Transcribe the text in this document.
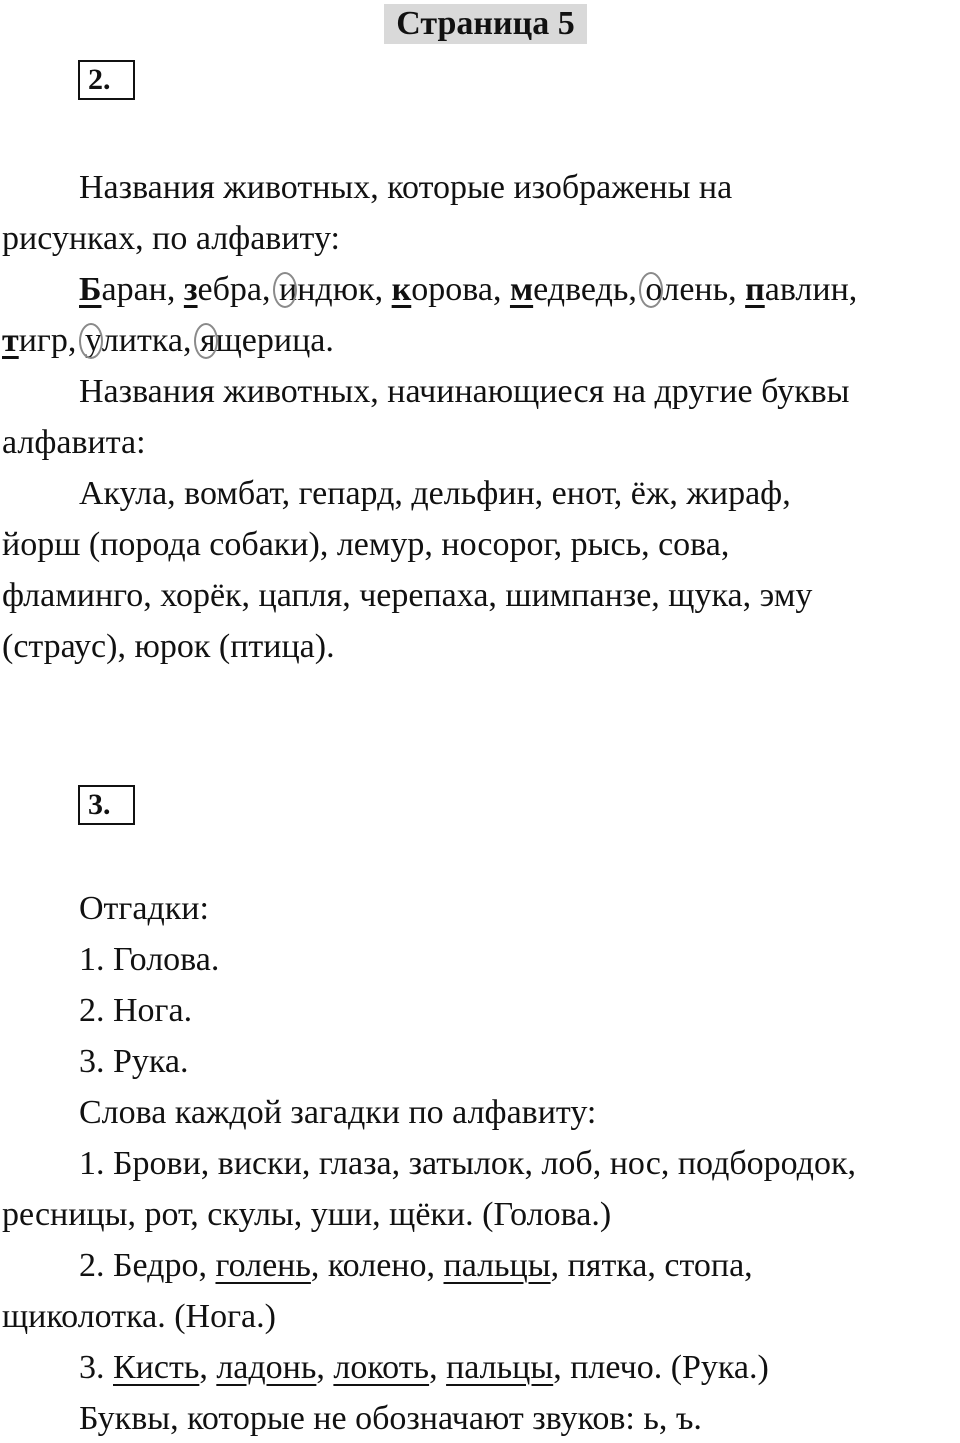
Страница 5
2.
Названия животных, которые изображены на
рисунках, по алфавиту:
Баран, зебра, индюк, корова, медведь, олень, павлин,
тигр, улитка, ящерица.
Названия животных, начинающиеся на другие буквы
алфавита:
Акула, вомбат, гепард, дельфин, енот, ёж, жираф,
йорш (порода собаки), лемур, носорог, рысь, сова,
фламинго, хорёк, цапля, черепаха, шимпанзе, щука, эму
(страус), юрок (птица).
3.
Отгадки:
1. Голова.
2. Нога.
3. Рука.
Слова каждой загадки по алфавиту:
1. Брови, виски, глаза, затылок, лоб, нос, подбородок,
ресницы, рот, скулы, уши, щёки. (Голова.)
2. Бедро, голень, колено, пальцы, пятка, стопа,
щиколотка. (Нога.)
3. Кисть, ладонь, локоть, пальцы, плечо. (Рука.)
Буквы, которые не обозначают звуков: ь, ъ.
